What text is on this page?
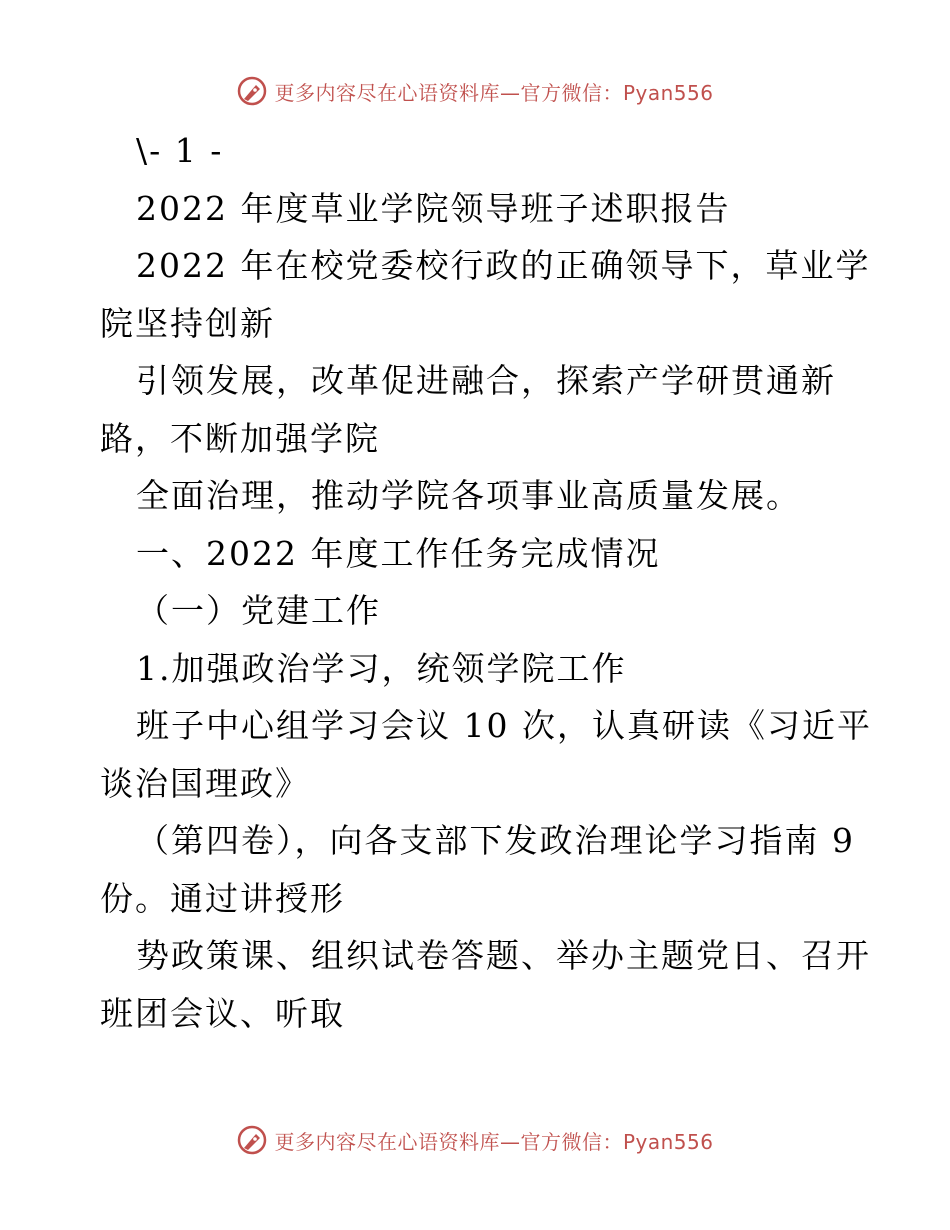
更多内容尽在心语资料库—官方微信：Pyan556
\- 1 -
2022 年度草业学院领导班子述职报告
2022 年在校党委校行政的正确领导下，草业学
院坚持创新
引领发展，改革促进融合，探索产学研贯通新
路，不断加强学院
全面治理，推动学院各项事业高质量发展。
一、2022 年度工作任务完成情况
（一）党建工作
1.加强政治学习，统领学院工作
班子中心组学习会议 10 次，认真研读《习近平
谈治国理政》
（第四卷），向各支部下发政治理论学习指南 9
份。通过讲授形
势政策课、组织试卷答题、举办主题党日、召开
班团会议、听取
更多内容尽在心语资料库—官方微信：Pyan556
